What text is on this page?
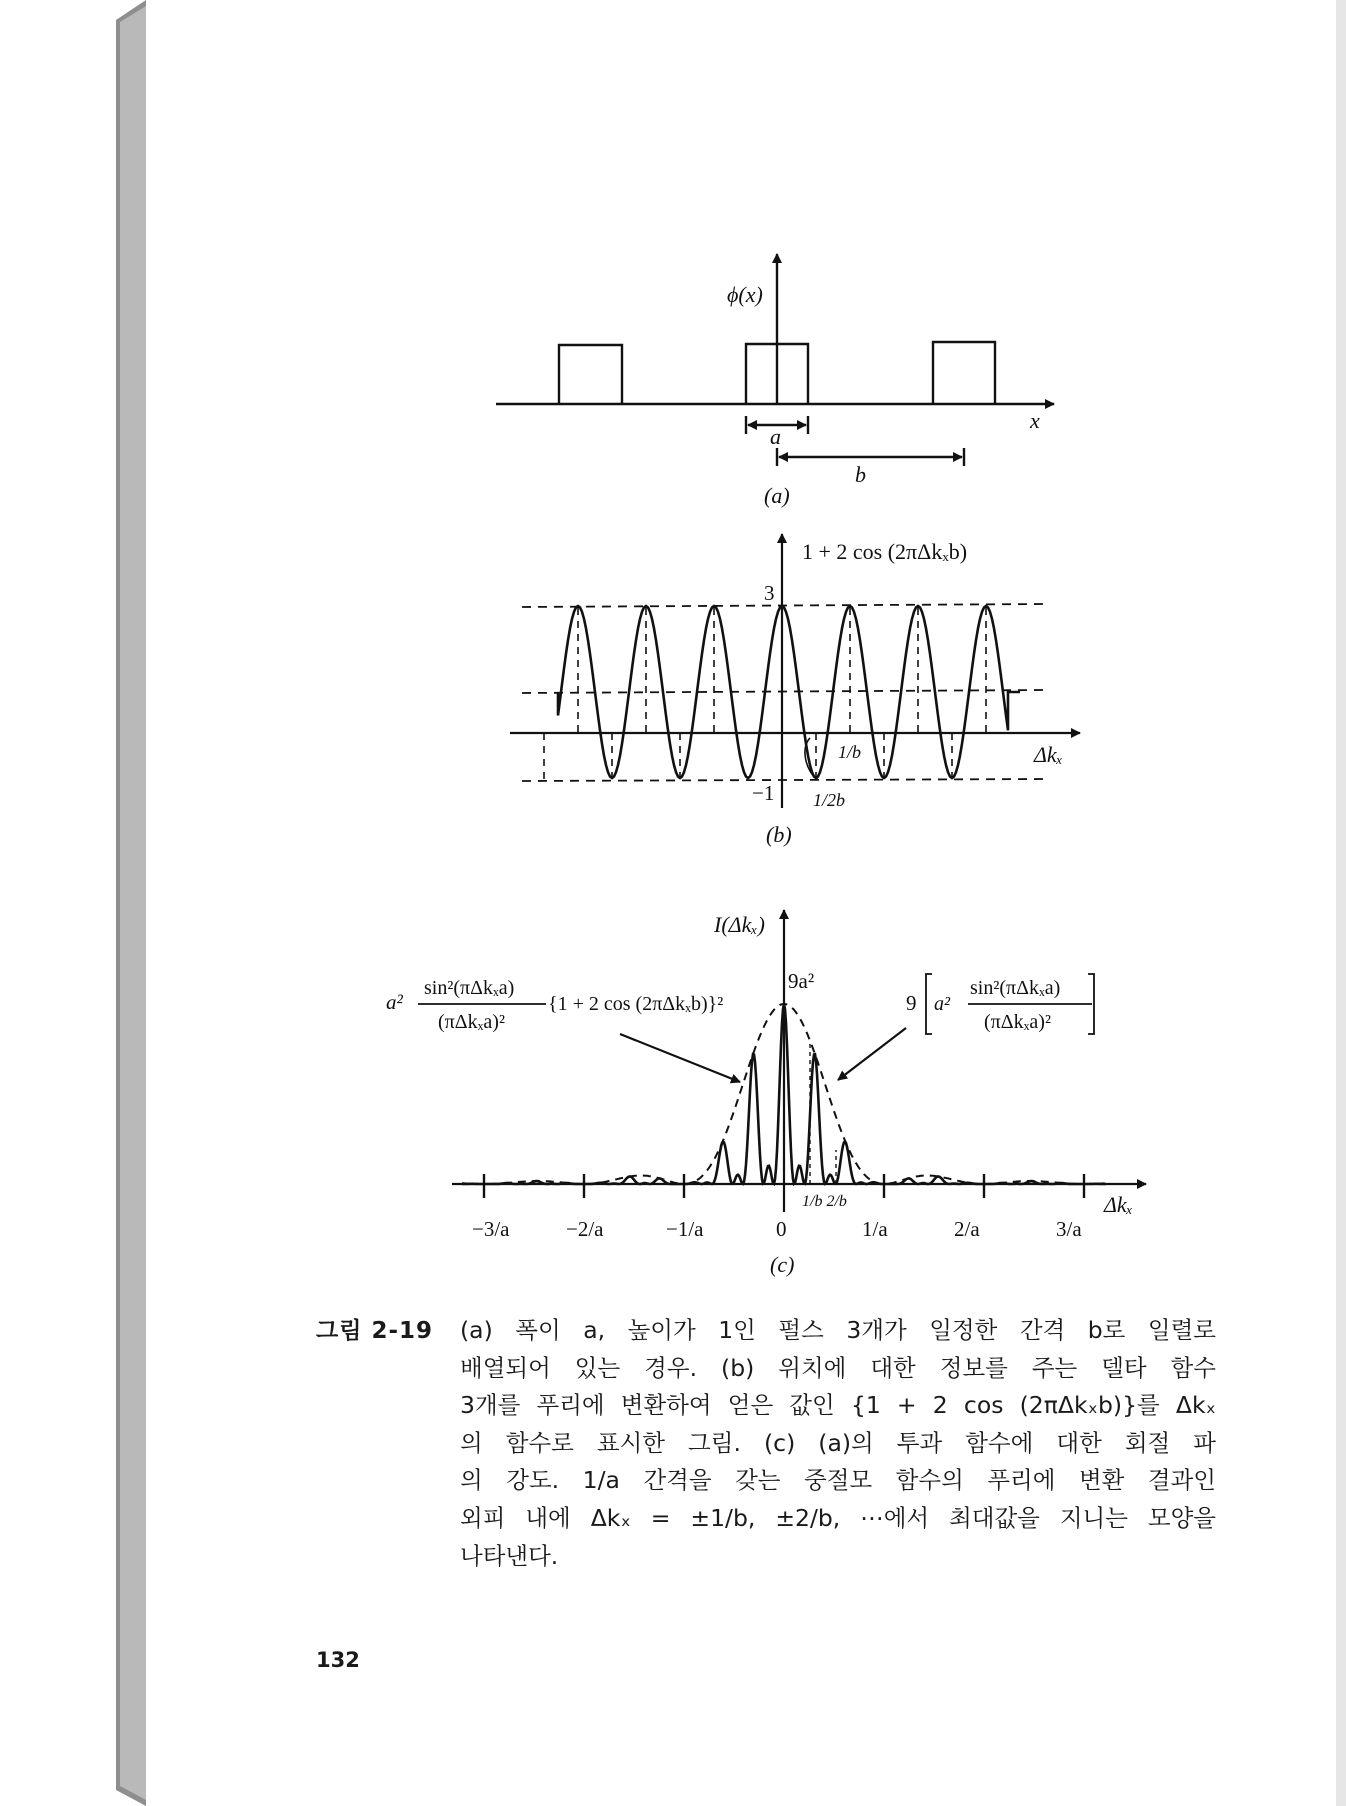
ϕ(x)
x
a
b
(a)
1 + 2 cos (2πΔkₓb)
3
−1
1/b
1/2b
Δkₓ
(b)
I(Δkₓ)
9a²
a²
sin²(πΔkₓa)
(πΔkₓa)²
{1 + 2 cos (2πΔkₓb)}²	9 a²
sin²(πΔkₓa)
(πΔkₓa)²
−3/a	−2/a	−1/a	0	1/a	2/a	3/a
1/b 2/b	Δkₓ
(c)
그림 2-19 (a) 폭이 a, 높이가 1인 펄스 3개가 일정한 간격 b로 일렬로
배열되어 있는 경우. (b) 위치에 대한 정보를 주는 델타 함수
3개를 푸리에 변환하여 얻은 값인 {1 + 2 cos (2πΔkₓb)}를 Δkₓ
의 함수로 표시한 그림. (c) (a)의 투과 함수에 대한 회절 파
의 강도. 1/a 간격을 갖는 중절모 함수의 푸리에 변환 결과인
외피 내에 Δkₓ = ±1/b, ±2/b, ⋯에서 최대값을 지니는 모양을
나타낸다.
132
